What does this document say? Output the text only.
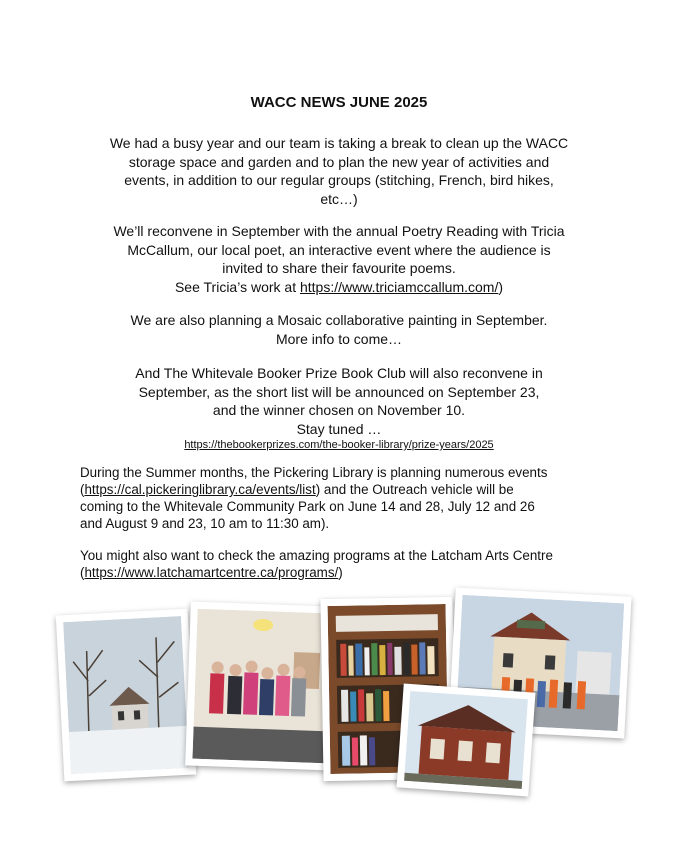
WACC NEWS JUNE 2025
We had a busy year and our team is taking a break to clean up the WACC
storage space and garden and to plan the new year of activities and
events, in addition to our regular groups (stitching, French, bird hikes,
etc…)
We’ll reconvene in September with the annual Poetry Reading with Tricia
McCallum, our local poet, an interactive event where the audience is
invited to share their favourite poems.
See Tricia’s work at https://www.triciamccallum.com/)
We are also planning a Mosaic collaborative painting in September.
More info to come…
And The Whitevale Booker Prize Book Club will also reconvene in
September, as the short list will be announced on September 23,
and the winner chosen on November 10.
Stay tuned …
https://thebookerprizes.com/the-booker-library/prize-years/2025
During the Summer months, the Pickering Library is planning numerous events
(https://cal.pickeringlibrary.ca/events/list) and the Outreach vehicle will be
coming to the Whitevale Community Park on June 14 and 28, July 12 and 26
and August 9 and 23, 10 am to 11:30 am).
You might also want to check the amazing programs at the Latcham Arts Centre
(https://www.latchamartcentre.ca/programs/)
